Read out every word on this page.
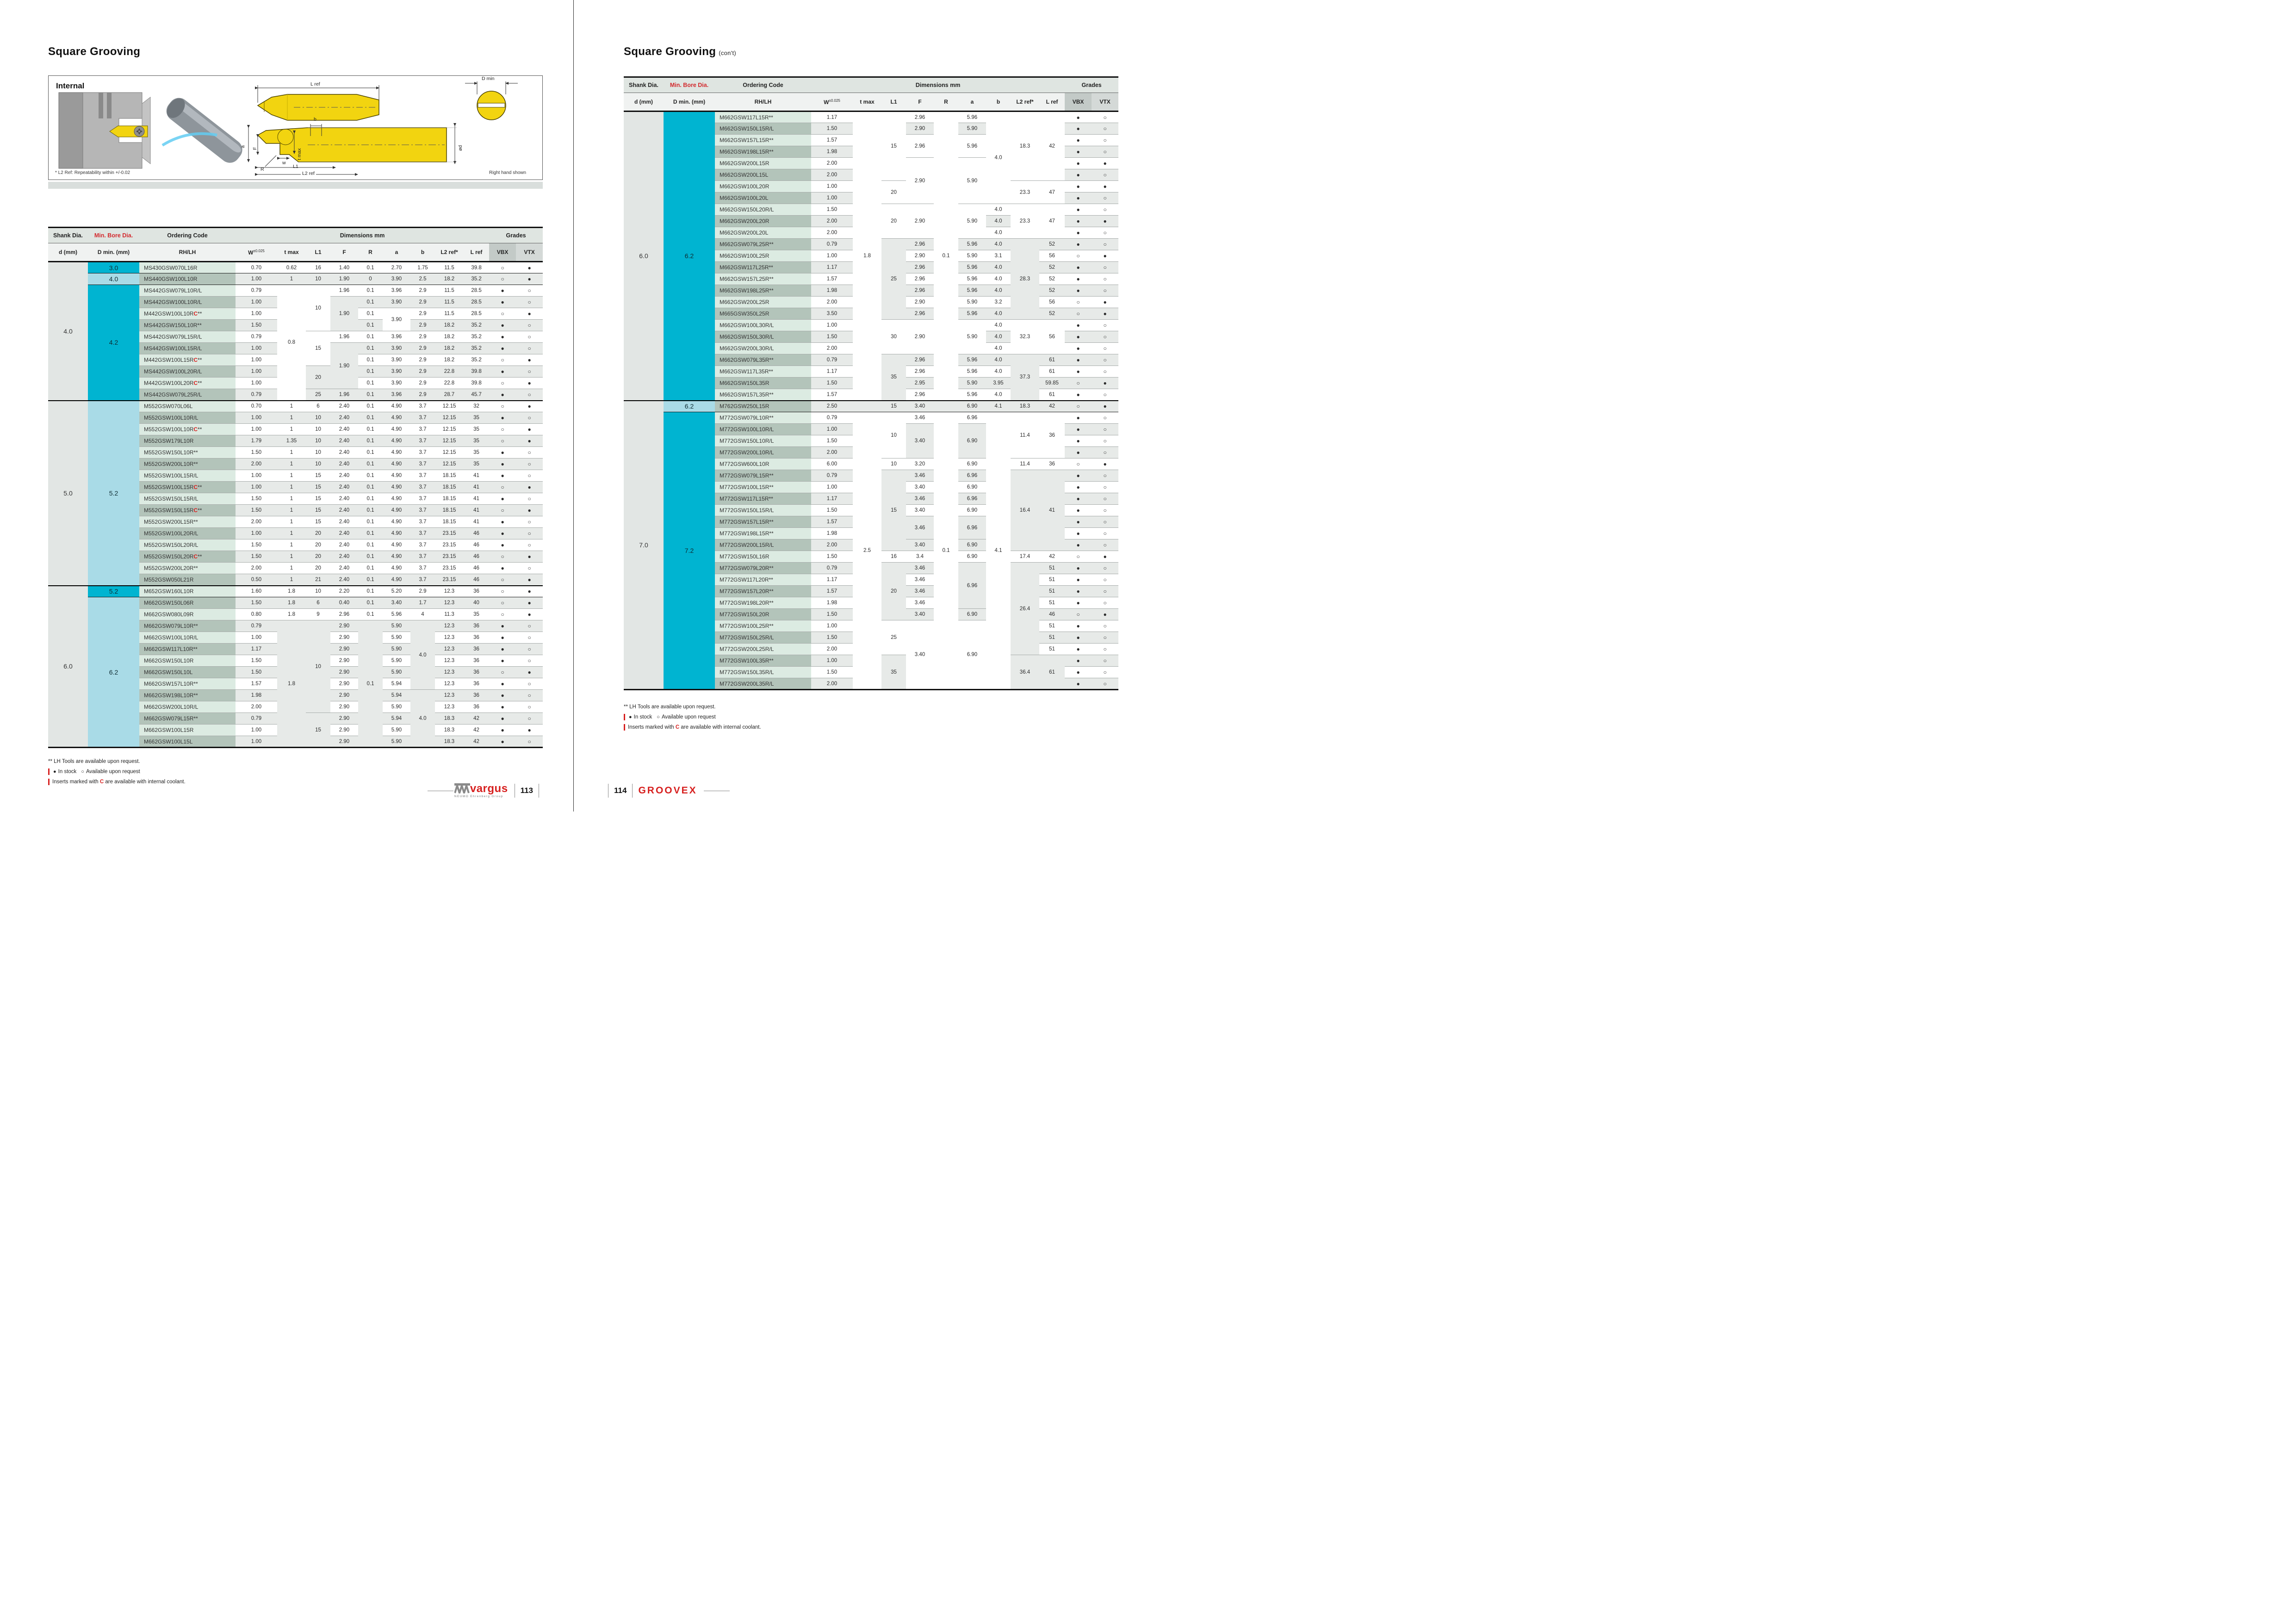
Square Grooving
Internal	L ref
D min
b
a
F
R
w
t max
L1
L2 ref
ød
* L2 Ref: Repeatability within +/-0.02	Right hand shown
Shank Dia.	Min. Bore Dia.	Ordering Code	Dimensions mm									Grades	
d (mm)	D min. (mm)	RH/LH	$W^{\pm 0.025}$	t max	L1	F	R	a	b	L2 ref*	L ref	VBX	VTX
4.0	3.0	MS430GSW070L16R	0.70	0.62	16	1.40	0.1	2.70	1.75	11.5	39.8	○	●
	4.0	MS440GSW100L10R	1.00	1	10	1.90	0	3.90	2.5	18.2	35.2	○	●
	4.2	MS442GSW079L10R/L	0.79	0.8	10	1.96	0.1	3.96	2.9	11.5	28.5	●	○
		MS442GSW100L10R/L	1.00			1.90	0.1	3.90	2.9	11.5	28.5	●	○
		M442GSW100L10RC**	1.00				0.1	3.90	2.9	11.5	28.5	○	●
		MS442GSW150L10R**	1.50				0.1		2.9	18.2	35.2	●	○
		MS442GSW079L15R/L	0.79		15	1.96	0.1	3.96	2.9	18.2	35.2	●	○
		MS442GSW100L15R/L	1.00			1.90	0.1	3.90	2.9	18.2	35.2	●	○
		M442GSW100L15RC**	1.00				0.1	3.90	2.9	18.2	35.2	○	●
		MS442GSW100L20R/L	1.00		20		0.1	3.90	2.9	22.8	39.8	●	○
		M442GSW100L20RC**	1.00				0.1	3.90	2.9	22.8	39.8	○	●
		MS442GSW079L25R/L	0.79		25	1.96	0.1	3.96	2.9	28.7	45.7	●	○
5.0	5.2	M552GSW070L06L	0.70	1	6	2.40	0.1	4.90	3.7	12.15	32	○	●
		M552GSW100L10R/L	1.00	1	10	2.40	0.1	4.90	3.7	12.15	35	●	○
		M552GSW100L10RC**	1.00	1	10	2.40	0.1	4.90	3.7	12.15	35	○	●
		M552GSW179L10R	1.79	1.35	10	2.40	0.1	4.90	3.7	12.15	35	○	●
		M552GSW150L10R**	1.50	1	10	2.40	0.1	4.90	3.7	12.15	35	●	○
		M552GSW200L10R**	2.00	1	10	2.40	0.1	4.90	3.7	12.15	35	●	○
		M552GSW100L15R/L	1.00	1	15	2.40	0.1	4.90	3.7	18.15	41	●	○
		M552GSW100L15RC**	1.00	1	15	2.40	0.1	4.90	3.7	18.15	41	○	●
		M552GSW150L15R/L	1.50	1	15	2.40	0.1	4.90	3.7	18.15	41	●	○
		M552GSW150L15RC**	1.50	1	15	2.40	0.1	4.90	3.7	18.15	41	○	●
		M552GSW200L15R**	2.00	1	15	2.40	0.1	4.90	3.7	18.15	41	●	○
		M552GSW100L20R/L	1.00	1	20	2.40	0.1	4.90	3.7	23.15	46	●	○
		M552GSW150L20R/L	1.50	1	20	2.40	0.1	4.90	3.7	23.15	46	●	○
		M552GSW150L20RC**	1.50	1	20	2.40	0.1	4.90	3.7	23.15	46	○	●
		M552GSW200L20R**	2.00	1	20	2.40	0.1	4.90	3.7	23.15	46	●	○
		M552GSW050L21R	0.50	1	21	2.40	0.1	4.90	3.7	23.15	46	○	●
6.0	5.2	M652GSW160L10R	1.60	1.8	10	2.20	0.1	5.20	2.9	12.3	36	○	●
	6.2	M662GSW150L06R	1.50	1.8	6	0.40	0.1	3.40	1.7	12.3	40	○	●
		M662GSW080L09R	0.80	1.8	9	2.96	0.1	5.96	4	11.3	35	○	●
		M662GSW079L10R**	0.79	1.8	10	2.90	0.1	5.90	4.0	12.3	36	●	○
		M662GSW100L10R/L	1.00			2.90		5.90		12.3	36	●	○
		M662GSW117L10R**	1.17			2.90		5.90		12.3	36	●	○
		M662GSW150L10R	1.50			2.90		5.90		12.3	36	●	○
		M662GSW150L10L	1.50			2.90		5.90		12.3	36	○	●
		M662GSW157L10R**	1.57			2.90		5.94		12.3	36	●	○
		M662GSW198L10R**	1.98			2.90		5.94	4.0	12.3	36	●	○
		M662GSW200L10R/L	2.00			2.90		5.90		12.3	36	●	○
		M662GSW079L15R**	0.79		15	2.90		5.94		18.3	42	●	○
		M662GSW100L15R	1.00			2.90		5.90		18.3	42	●	●
		M662GSW100L15L	1.00			2.90		5.90		18.3	42	●	○
** LH Tools are available upon request.
● In stock ○ Available upon request
Inserts marked with C are available with internal coolant.
vargus
NEUMO Ehrenberg Group
113
Square Grooving (con't)
Shank Dia.	Min. Bore Dia.	Ordering Code	Dimensions mm									Grades	
d (mm)	D min. (mm)	RH/LH	$W^{\pm 0.025}$	t max	L1	F	R	a	b	L2 ref*	L ref	VBX	VTX
6.0	6.2	M662GSW117L15R**	1.17	1.8	15	2.96	0.1	5.96	4.0	18.3	42	●	○
		M662GSW150L15R/L	1.50			2.90		5.90				●	○
		M662GSW157L15R**	1.57			2.96		5.96				●	○
		M662GSW198L15R**	1.98									●	○
		M662GSW200L15R	2.00			2.90		5.90				●	●
		M662GSW200L15L	2.00									●	○
		M662GSW100L20R	1.00		20					23.3	47	●	●
		M662GSW100L20L	1.00									●	○
		M662GSW150L20R/L	1.50		20	2.90		5.90	4.0	23.3	47	●	○
		M662GSW200L20R	2.00						4.0			●	●
		M662GSW200L20L	2.00						4.0			●	○
		M662GSW079L25R**	0.79		25	2.96		5.96	4.0	28.3	52	●	○
		M662GSW100L25R	1.00			2.90		5.90	3.1		56	○	●
		M662GSW117L25R**	1.17			2.96		5.96	4.0		52	●	○
		M662GSW157L25R**	1.57			2.96		5.96	4.0		52	●	○
		M662GSW198L25R**	1.98			2.96		5.96	4.0		52	●	○
		M662GSW200L25R	2.00			2.90		5.90	3.2		56	○	●
		M665GSW350L25R	3.50			2.96		5.96	4.0		52	○	●
		M662GSW100L30R/L	1.00		30	2.90		5.90	4.0	32.3	56	●	○
		M662GSW150L30R/L	1.50						4.0			●	○
		M662GSW200L30R/L	2.00						4.0			●	○
		M662GSW079L35R**	0.79		35	2.96		5.96	4.0	37.3	61	●	○
		M662GSW117L35R**	1.17			2.96		5.96	4.0		61	●	○
		M662GSW150L35R	1.50			2.95		5.90	3.95		59.85	○	●
		M662GSW157L35R**	1.57			2.96		5.96	4.0		61	●	○
7.0	6.2	M762GSW250L15R	2.50		15	3.40		6.90	4.1	18.3	42	○	●
	7.2	M772GSW079L10R**	0.79	2.5	10	3.46	0.1	6.96	4.1	11.4	36	●	○
		M772GSW100L10R/L	1.00			3.40		6.90				●	○
		M772GSW150L10R/L	1.50									●	○
		M772GSW200L10R/L	2.00									●	○
		M772GSW600L10R	6.00		10	3.20		6.90		11.4	36	○	●
		M772GSW079L15R**	0.79		15	3.46		6.96		16.4	41	●	○
		M772GSW100L15R**	1.00			3.40		6.90				●	○
		M772GSW117L15R**	1.17			3.46		6.96				●	○
		M772GSW150L15R/L	1.50			3.40		6.90				●	○
		M772GSW157L15R**	1.57			3.46		6.96				●	○
		M772GSW198L15R**	1.98									●	○
		M772GSW200L15R/L	2.00			3.40		6.90				●	○
		M772GSW150L16R	1.50		16	3.4		6.90		17.4	42	○	●
		M772GSW079L20R**	0.79		20	3.46		6.96		26.4	51	●	○
		M772GSW117L20R**	1.17			3.46					51	●	○
		M772GSW157L20R**	1.57			3.46					51	●	○
		M772GSW198L20R**	1.98			3.46					51	●	○
		M772GSW150L20R	1.50			3.40		6.90			46	○	●
		M772GSW100L25R**	1.00		25	3.40		6.90			51	●	○
		M772GSW150L25R/L	1.50								51	●	○
		M772GSW200L25R/L	2.00								51	●	○
		M772GSW100L35R**	1.00		35					36.4	61	●	○
		M772GSW150L35R/L	1.50									●	○
		M772GSW200L35R/L	2.00									●	○
** LH Tools are available upon request.
● In stock ○ Available upon request
Inserts marked with C are available with internal coolant.
114 GROOVEX
